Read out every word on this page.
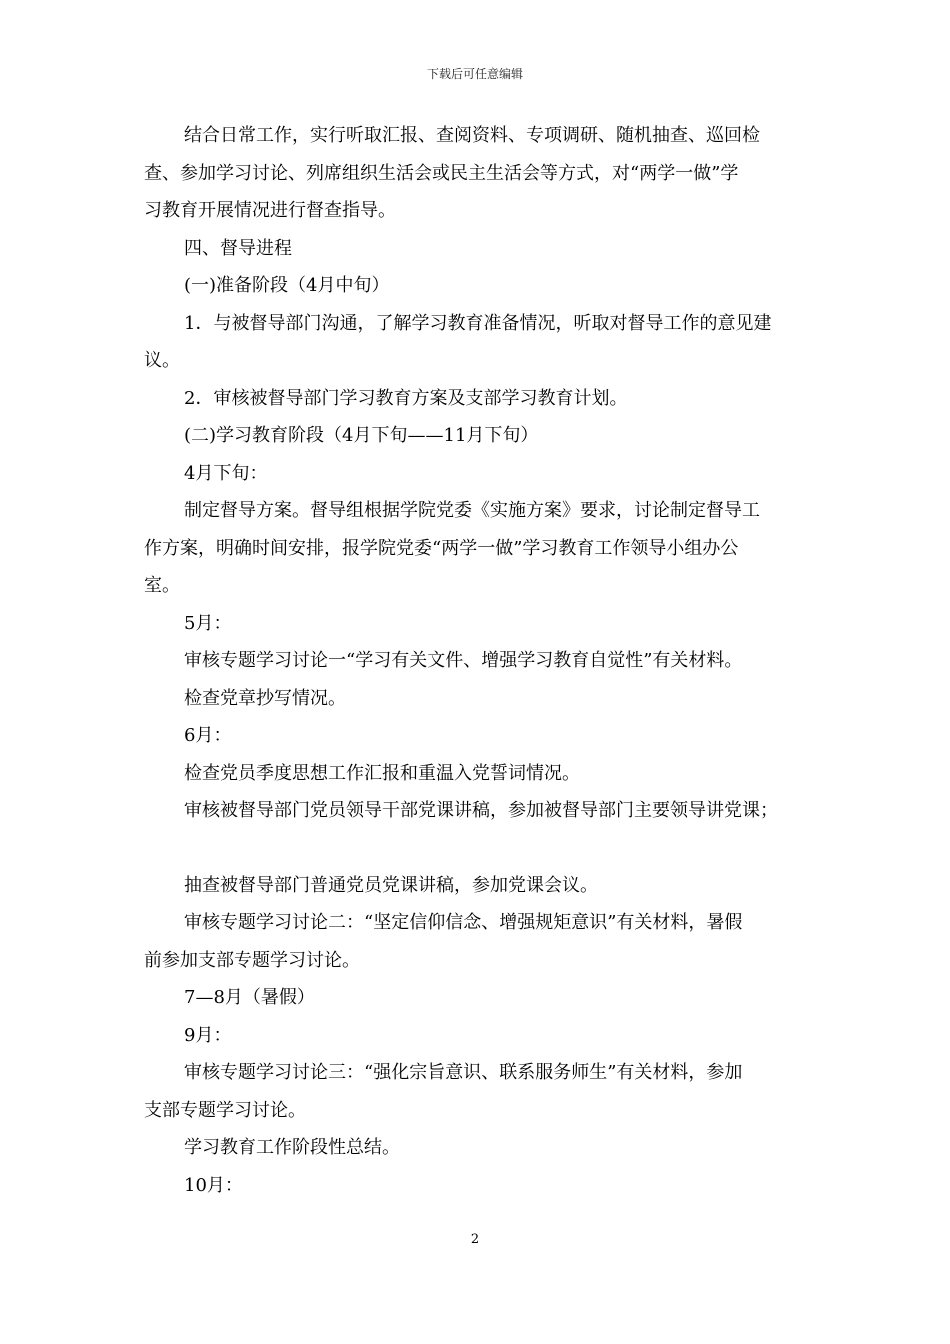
下载后可任意编辑
结合日常工作，实行听取汇报、查阅资料、专项调研、随机抽查、巡回检
查、参加学习讨论、列席组织生活会或民主生活会等方式，对“两学一做”学
习教育开展情况进行督查指导。
四、督导进程
(一)准备阶段（4月中旬）
1．与被督导部门沟通，了解学习教育准备情况，听取对督导工作的意见建
议。
2．审核被督导部门学习教育方案及支部学习教育计划。
(二)学习教育阶段（4月下旬——11月下旬）
4月下旬：
制定督导方案。督导组根据学院党委《实施方案》要求，讨论制定督导工
作方案，明确时间安排，报学院党委“两学一做”学习教育工作领导小组办公
室。
5月：
审核专题学习讨论一“学习有关文件、增强学习教育自觉性”有关材料。
检查党章抄写情况。
6月：
检查党员季度思想工作汇报和重温入党誓词情况。
审核被督导部门党员领导干部党课讲稿，参加被督导部门主要领导讲党课；
抽查被督导部门普通党员党课讲稿，参加党课会议。
审核专题学习讨论二：“坚定信仰信念、增强规矩意识”有关材料，暑假
前参加支部专题学习讨论。
7—8月（暑假）
9月：
审核专题学习讨论三：“强化宗旨意识、联系服务师生”有关材料，参加
支部专题学习讨论。
学习教育工作阶段性总结。
10月：
2
